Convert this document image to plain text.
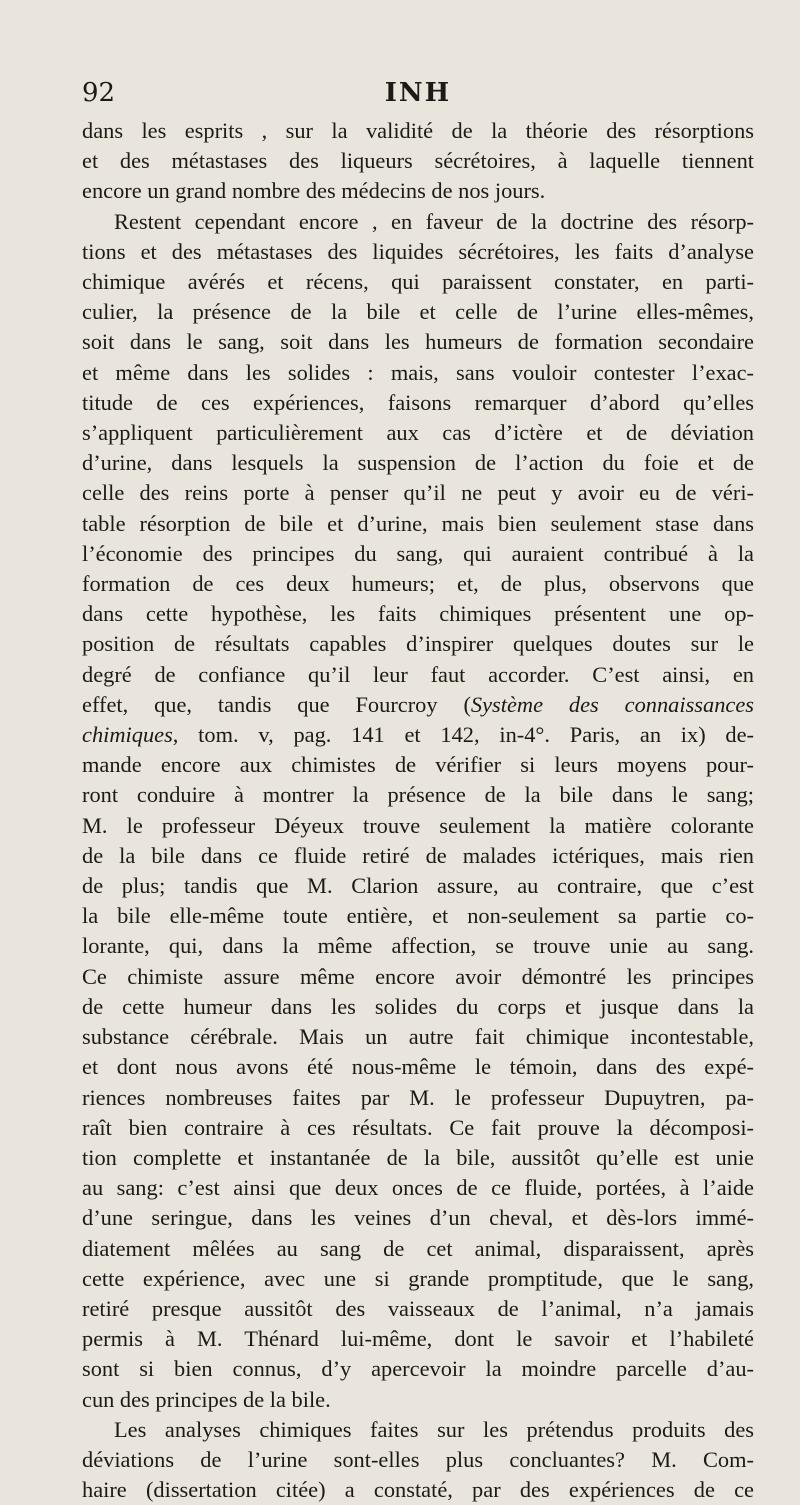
92	INH

dans les esprits , sur la validité de la théorie des résorptions
et des métastases des liqueurs sécrétoires, à laquelle tiennent
encore un grand nombre des médecins de nos jours.

Restent cependant encore , en faveur de la doctrine des résorp-
tions et des métastases des liquides sécrétoires, les faits d’analyse
chimique avérés et récens, qui paraissent constater, en parti-
culier, la présence de la bile et celle de l’urine elles-mêmes,
soit dans le sang, soit dans les humeurs de formation secondaire
et même dans les solides : mais, sans vouloir contester l’exac-
titude de ces expériences, faisons remarquer d’abord qu’elles
s’appliquent particulièrement aux cas d’ictère et de déviation
d’urine, dans lesquels la suspension de l’action du foie et de
celle des reins porte à penser qu’il ne peut y avoir eu de véri-
table résorption de bile et d’urine, mais bien seulement stase dans
l’économie des principes du sang, qui auraient contribué à la
formation de ces deux humeurs; et, de plus, observons que
dans cette hypothèse, les faits chimiques présentent une op-
position de résultats capables d’inspirer quelques doutes sur le
degré de confiance qu’il leur faut accorder. C’est ainsi, en
effet, que, tandis que Fourcroy (Système des connaissances
chimiques, tom. v, pag. 141 et 142, in-4°. Paris, an ix) de-
mande encore aux chimistes de vérifier si leurs moyens pour-
ront conduire à montrer la présence de la bile dans le sang;
M. le professeur Déyeux trouve seulement la matière colorante
de la bile dans ce fluide retiré de malades ictériques, mais rien
de plus; tandis que M. Clarion assure, au contraire, que c’est
la bile elle-même toute entière, et non-seulement sa partie co-
lorante, qui, dans la même affection, se trouve unie au sang.
Ce chimiste assure même encore avoir démontré les principes
de cette humeur dans les solides du corps et jusque dans la
substance cérébrale. Mais un autre fait chimique incontestable,
et dont nous avons été nous-même le témoin, dans des expé-
riences nombreuses faites par M. le professeur Dupuytren, pa-
raît bien contraire à ces résultats. Ce fait prouve la décomposi-
tion complette et instantanée de la bile, aussitôt qu’elle est unie
au sang: c’est ainsi que deux onces de ce fluide, portées, à l’aide
d’une seringue, dans les veines d’un cheval, et dès-lors immé-
diatement mêlées au sang de cet animal, disparaissent, après
cette expérience, avec une si grande promptitude, que le sang,
retiré presque aussitôt des vaisseaux de l’animal, n’a jamais
permis à M. Thénard lui-même, dont le savoir et l’habileté
sont si bien connus, d’y apercevoir la moindre parcelle d’au-
cun des principes de la bile.

Les analyses chimiques faites sur les prétendus produits des
déviations de l’urine sont-elles plus concluantes? M. Com-
haire (dissertation citée) a constaté, par des expériences de ce
